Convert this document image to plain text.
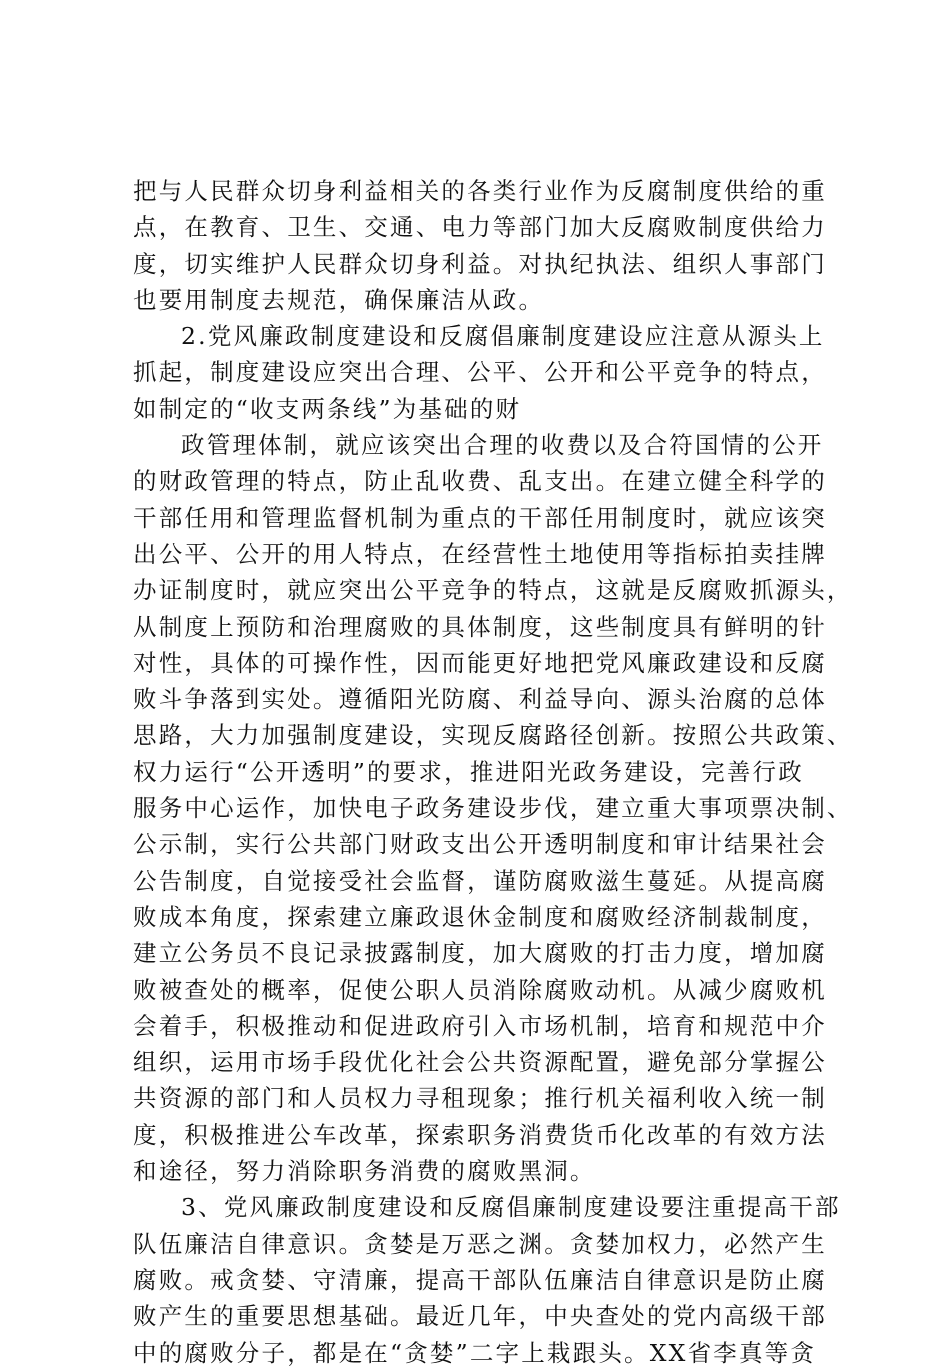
把与人民群众切身利益相关的各类行业作为反腐制度供给的重
点，在教育、卫生、交通、电力等部门加大反腐败制度供给力
度，切实维护人民群众切身利益。对执纪执法、组织人事部门
也要用制度去规范，确保廉洁从政。
2.党风廉政制度建设和反腐倡廉制度建设应注意从源头上
抓起，制度建设应突出合理、公平、公开和公平竞争的特点，
如制定的“收支两条线”为基础的财
政管理体制，就应该突出合理的收费以及合符国情的公开
的财政管理的特点，防止乱收费、乱支出。在建立健全科学的
干部任用和管理监督机制为重点的干部任用制度时，就应该突
出公平、公开的用人特点，在经营性土地使用等指标拍卖挂牌
办证制度时，就应突出公平竞争的特点，这就是反腐败抓源头，
从制度上预防和治理腐败的具体制度，这些制度具有鲜明的针
对性，具体的可操作性，因而能更好地把党风廉政建设和反腐
败斗争落到实处。遵循阳光防腐、利益导向、源头治腐的总体
思路，大力加强制度建设，实现反腐路径创新。按照公共政策、
权力运行“公开透明”的要求，推进阳光政务建设，完善行政
服务中心运作，加快电子政务建设步伐，建立重大事项票决制、
公示制，实行公共部门财政支出公开透明制度和审计结果社会
公告制度，自觉接受社会监督，谨防腐败滋生蔓延。从提高腐
败成本角度，探索建立廉政退休金制度和腐败经济制裁制度，
建立公务员不良记录披露制度，加大腐败的打击力度，增加腐
败被查处的概率，促使公职人员消除腐败动机。从减少腐败机
会着手，积极推动和促进政府引入市场机制，培育和规范中介
组织，运用市场手段优化社会公共资源配置，避免部分掌握公
共资源的部门和人员权力寻租现象；推行机关福利收入统一制
度，积极推进公车改革，探索职务消费货币化改革的有效方法
和途径，努力消除职务消费的腐败黑洞。
3、党风廉政制度建设和反腐倡廉制度建设要注重提高干部
队伍廉洁自律意识。贪婪是万恶之渊。贪婪加权力，必然产生
腐败。戒贪婪、守清廉，提高干部队伍廉洁自律意识是防止腐
败产生的重要思想基础。最近几年，中央查处的党内高级干部
中的腐败分子，都是在“贪婪”二字上栽跟头。XX省李真等贪
